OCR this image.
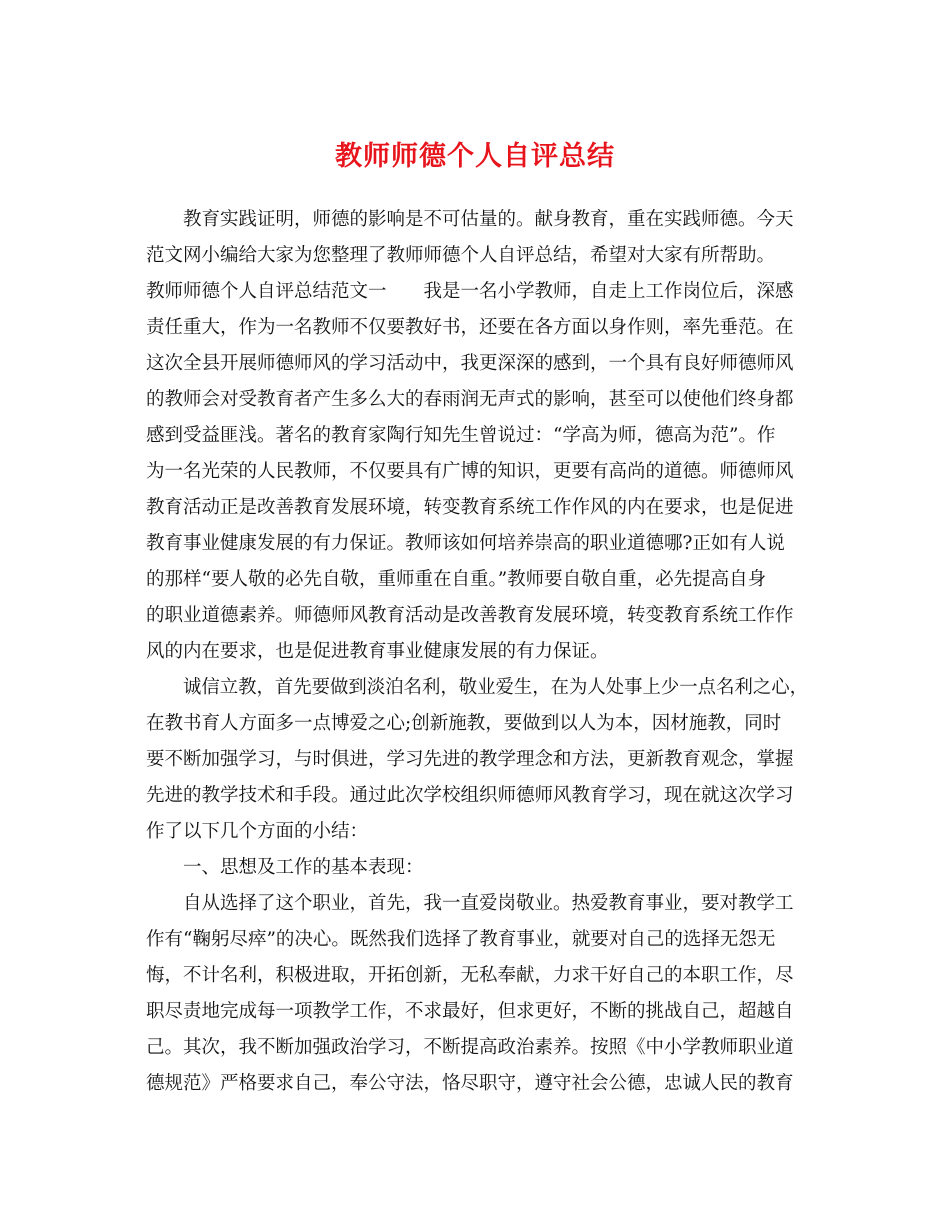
教师师德个人自评总结
教育实践证明，师德的影响是不可估量的。献身教育，重在实践师德。今天
范文网小编给大家为您整理了教师师德个人自评总结，希望对大家有所帮助。
教师师德个人自评总结范文一　　我是一名小学教师，自走上工作岗位后，深感
责任重大，作为一名教师不仅要教好书，还要在各方面以身作则，率先垂范。在
这次全县开展师德师风的学习活动中，我更深深的感到，一个具有良好师德师风
的教师会对受教育者产生多么大的春雨润无声式的影响，甚至可以使他们终身都
感到受益匪浅。著名的教育家陶行知先生曾说过：“学高为师，德高为范”。作
为一名光荣的人民教师，不仅要具有广博的知识，更要有高尚的道德。师德师风
教育活动正是改善教育发展环境，转变教育系统工作作风的内在要求，也是促进
教育事业健康发展的有力保证。教师该如何培养崇高的职业道德哪?正如有人说
的那样“要人敬的必先自敬，重师重在自重。”教师要自敬自重，必先提高自身
的职业道德素养。师德师风教育活动是改善教育发展环境，转变教育系统工作作
风的内在要求，也是促进教育事业健康发展的有力保证。
诚信立教，首先要做到淡泊名利，敬业爱生，在为人处事上少一点名利之心，
在教书育人方面多一点博爱之心;创新施教，要做到以人为本，因材施教，同时
要不断加强学习，与时俱进，学习先进的教学理念和方法，更新教育观念，掌握
先进的教学技术和手段。通过此次学校组织师德师风教育学习，现在就这次学习
作了以下几个方面的小结：
一、思想及工作的基本表现：
自从选择了这个职业，首先，我一直爱岗敬业。热爱教育事业，要对教学工
作有“鞠躬尽瘁”的决心。既然我们选择了教育事业，就要对自己的选择无怨无
悔，不计名利，积极进取，开拓创新，无私奉献，力求干好自己的本职工作，尽
职尽责地完成每一项教学工作，不求最好，但求更好，不断的挑战自己，超越自
己。其次，我不断加强政治学习，不断提高政治素养。按照《中小学教师职业道
德规范》严格要求自己，奉公守法，恪尽职守，遵守社会公德，忠诚人民的教育
